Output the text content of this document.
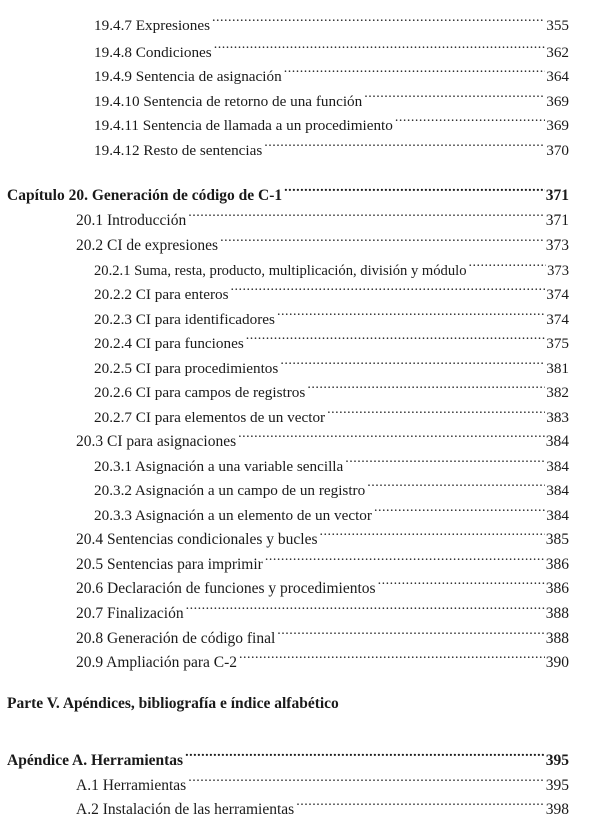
19.4.7 Expresiones .....	355
19.4.8 Condiciones .....	362
19.4.9 Sentencia de asignación .....	364
19.4.10 Sentencia de retorno de una función .....	369
19.4.11 Sentencia de llamada a un procedimiento .....	369
19.4.12 Resto de sentencias .....	370
Capítulo 20. Generación de código de C-1 .....	371
20.1 Introducción .....	371
20.2 CI de expresiones .....	373
20.2.1 Suma, resta, producto, multiplicación, división y módulo .....	373
20.2.2 CI para enteros .....	374
20.2.3 CI para identificadores .....	374
20.2.4 CI para funciones .....	375
20.2.5 CI para procedimientos .....	381
20.2.6 CI para campos de registros .....	382
20.2.7 CI para elementos de un vector .....	383
20.3 CI para asignaciones .....	384
20.3.1 Asignación a una variable sencilla .....	384
20.3.2 Asignación a un campo de un registro .....	384
20.3.3 Asignación a un elemento de un vector .....	384
20.4 Sentencias condicionales y bucles .....	385
20.5 Sentencias para imprimir .....	386
20.6 Declaración de funciones y procedimientos .....	386
20.7 Finalización .....	388
20.8 Generación de código final .....	388
20.9 Ampliación para C-2 .....	390
Parte V. Apéndices, bibliografía e índice alfabético
Apéndice A. Herramientas .....	395
A.1 Herramientas .....	395
A.2 Instalación de las herramientas .....	398
